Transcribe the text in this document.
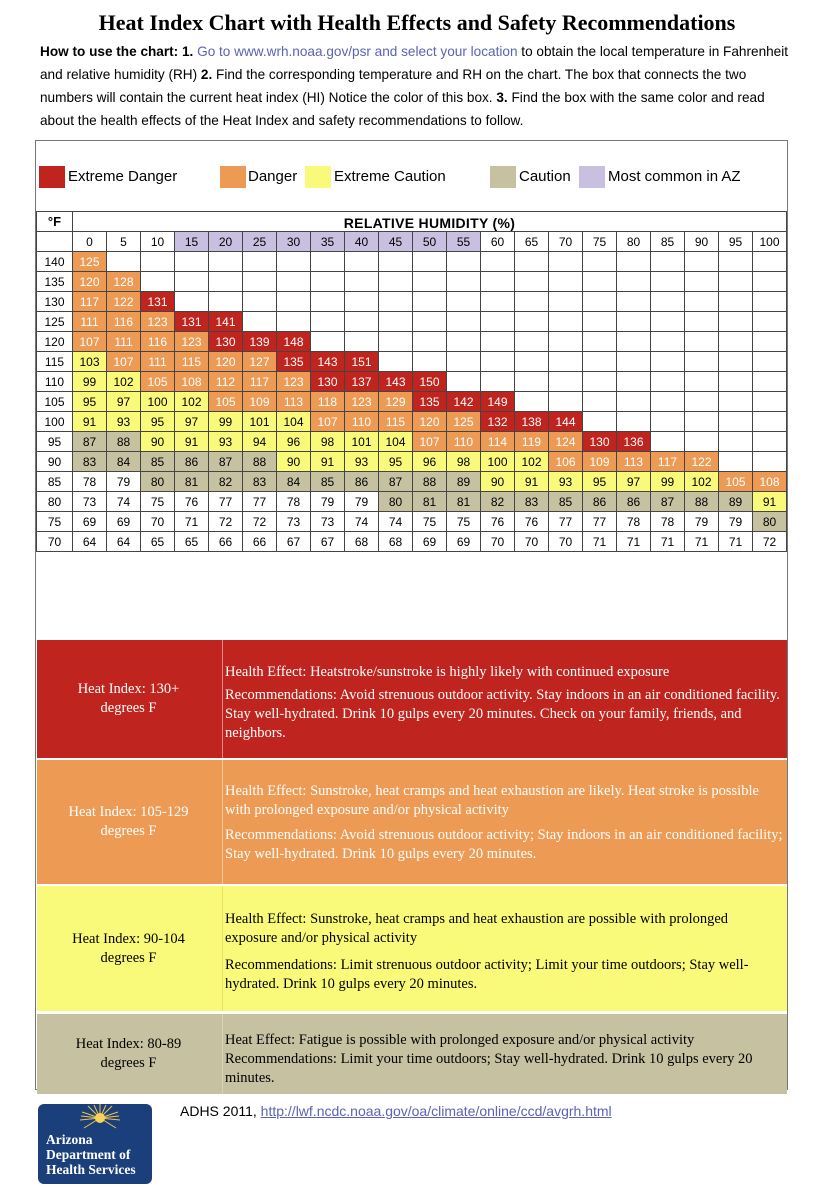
Heat Index Chart with Health Effects and Safety Recommendations
How to use the chart: 1. Go to www.wrh.noaa.gov/psr and select your location to obtain the local temperature in Fahrenheit and relative humidity (RH) 2. Find the corresponding temperature and RH on the chart. The box that connects the two numbers will contain the current heat index (HI) Notice the color of this box. 3. Find the box with the same color and read about the health effects of the Heat Index and safety recommendations to follow.
Extreme Danger	Danger Extreme Caution	Caution Most common in AZ
°F	RELATIVE HUMIDITY (%)																				
	0	5	10	15	20	25	30	35	40	45	50	55	60	65	70	75	80	85	90	95	100
140	125																				
135	120	128																			
130	117	122	131																		
125	111	116	123	131	141																
120	107	111	116	123	130	139	148														
115	103	107	111	115	120	127	135	143	151												
110	99	102	105	108	112	117	123	130	137	143	150										
105	95	97	100	102	105	109	113	118	123	129	135	142	149								
100	91	93	95	97	99	101	104	107	110	115	120	125	132	138	144						
95	87	88	90	91	93	94	96	98	101	104	107	110	114	119	124	130	136				
90	83	84	85	86	87	88	90	91	93	95	96	98	100	102	106	109	113	117	122		
85	78	79	80	81	82	83	84	85	86	87	88	89	90	91	93	95	97	99	102	105	108
80	73	74	75	76	77	77	78	79	79	80	81	81	82	83	85	86	86	87	88	89	91
75	69	69	70	71	72	72	73	73	74	74	75	75	76	76	77	77	78	78	79	79	80
70	64	64	65	65	66	66	67	67	68	68	69	69	70	70	70	71	71	71	71	71	72
Heat Index: 130+
degrees F
Health Effect: Heatstroke/sunstroke is highly likely with continued exposure
Recommendations: Avoid strenuous outdoor activity. Stay indoors in an air conditioned facility. Stay well-hydrated. Drink 10 gulps every 20 minutes. Check on your family, friends, and neighbors.
Heat Index: 105-129
degrees F
Health Effect: Sunstroke, heat cramps and heat exhaustion are likely. Heat stroke is possible with prolonged exposure and/or physical activity
Recommendations: Avoid strenuous outdoor activity; Stay indoors in an air conditioned facility; Stay well-hydrated. Drink 10 gulps every 20 minutes.
Heat Index: 90-104
degrees F
Health Effect: Sunstroke, heat cramps and heat exhaustion are possible with prolonged exposure and/or physical activity
Recommendations: Limit strenuous outdoor activity; Limit your time outdoors; Stay well-hydrated. Drink 10 gulps every 20 minutes.
Heat Index: 80-89
degrees F
Heat Effect: Fatigue is possible with prolonged exposure and/or physical activity
Recommendations: Limit your time outdoors; Stay well-hydrated. Drink 10 gulps every 20 minutes.
ADHS 2011, http://lwf.ncdc.noaa.gov/oa/climate/online/ccd/avgrh.html
Arizona
Department of
Health Services
